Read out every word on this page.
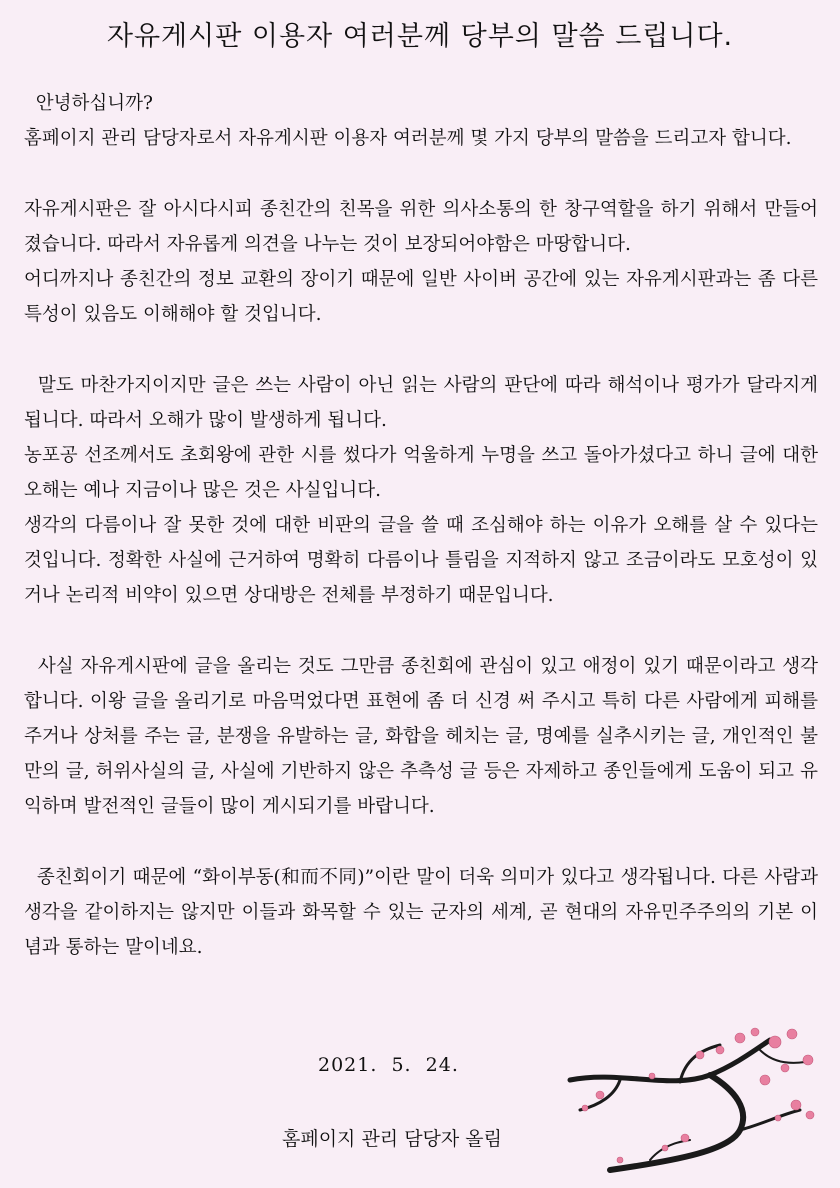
자유게시판 이용자 여러분께 당부의 말씀 드립니다.

안녕하십니까?

홈페이지 관리 담당자로서 자유게시판 이용자 여러분께 몇 가지 당부의 말씀을 드리고자 합니다.

자유게시판은 잘 아시다시피 종친간의 친목을 위한 의사소통의 한 창구역할을 하기 위해서 만들어졌습니다. 따라서 자유롭게 의견을 나누는 것이 보장되어야함은 마땅합니다.

어디까지나 종친간의 정보 교환의 장이기 때문에 일반 사이버 공간에 있는 자유게시판과는 좀 다른 특성이 있음도 이해해야 할 것입니다.

말도 마찬가지이지만 글은 쓰는 사람이 아닌 읽는 사람의 판단에 따라 해석이나 평가가 달라지게 됩니다. 따라서 오해가 많이 발생하게 됩니다.

농포공 선조께서도 초회왕에 관한 시를 썼다가 억울하게 누명을 쓰고 돌아가셨다고 하니 글에 대한 오해는 예나 지금이나 많은 것은 사실입니다.

생각의 다름이나 잘 못한 것에 대한 비판의 글을 쓸 때 조심해야 하는 이유가 오해를 살 수 있다는 것입니다. 정확한 사실에 근거하여 명확히 다름이나 틀림을 지적하지 않고 조금이라도 모호성이 있거나 논리적 비약이 있으면 상대방은 전체를 부정하기 때문입니다.

사실 자유게시판에 글을 올리는 것도 그만큼 종친회에 관심이 있고 애정이 있기 때문이라고 생각합니다. 이왕 글을 올리기로 마음먹었다면 표현에 좀 더 신경 써 주시고 특히 다른 사람에게 피해를 주거나 상처를 주는 글, 분쟁을 유발하는 글, 화합을 헤치는 글, 명예를 실추시키는 글, 개인적인 불만의 글, 허위사실의 글, 사실에 기반하지 않은 추측성 글 등은 자제하고 종인들에게 도움이 되고 유익하며 발전적인 글들이 많이 게시되기를 바랍니다.

종친회이기 때문에 “화이부동(和而不同)”이란 말이 더욱 의미가 있다고 생각됩니다. 다른 사람과 생각을 같이하지는 않지만 이들과 화목할 수 있는 군자의 세계, 곧 현대의 자유민주주의의 기본 이념과 통하는 말이네요.

2021.  5.  24.
홈페이지 관리 담당자 올림
